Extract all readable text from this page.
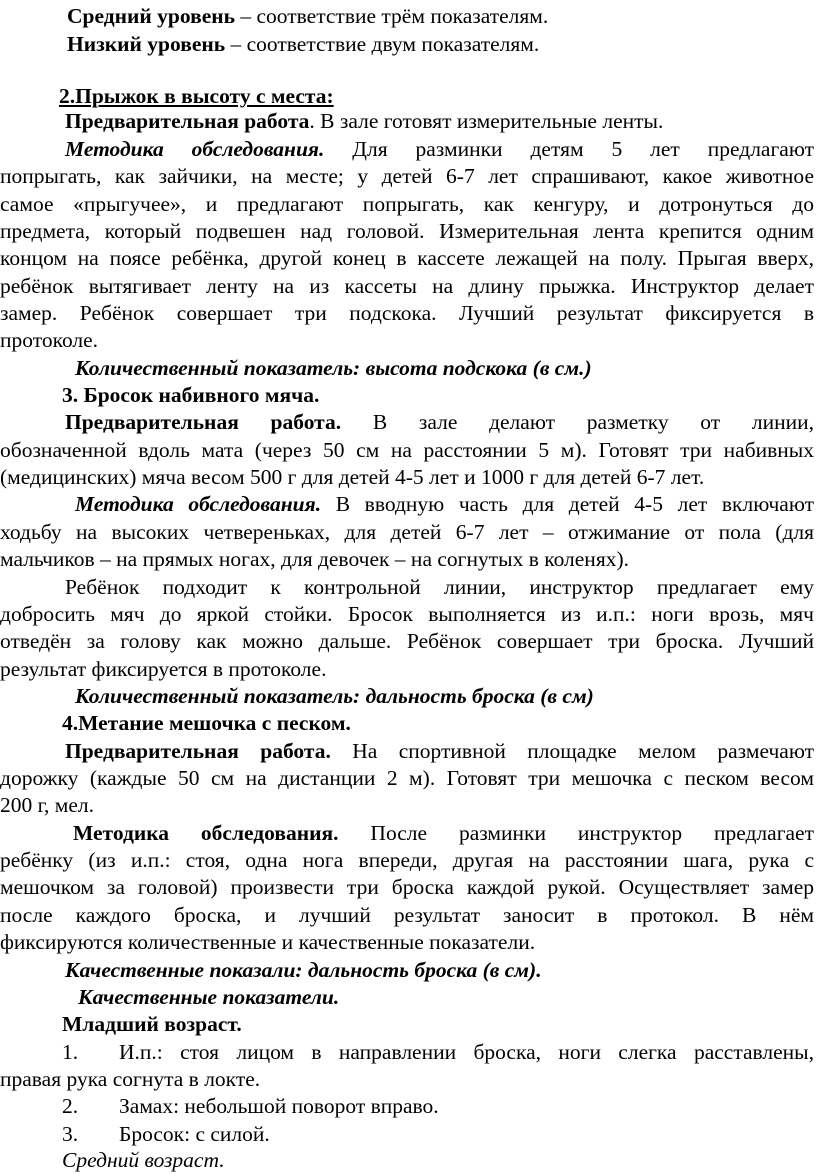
Средний уровень – соответствие трём показателям.
Низкий уровень – соответствие двум показателям.
2.Прыжок в высоту с места:
Предварительная работа. В зале готовят измерительные ленты.
Методика обследования. Для разминки детям 5 лет предлагают
попрыгать, как зайчики, на месте; у детей 6-7 лет спрашивают, какое животное
самое «прыгучее», и предлагают попрыгать, как кенгуру, и дотронуться до
предмета, который подвешен над головой. Измерительная лента крепится одним
концом на поясе ребёнка, другой конец в кассете лежащей на полу. Прыгая вверх,
ребёнок вытягивает ленту на из кассеты на длину прыжка. Инструктор делает
замер. Ребёнок совершает три подскока. Лучший результат фиксируется в
протоколе.
Количественный показатель: высота подскока (в см.)
3. Бросок набивного мяча.
Предварительная работа. В зале делают разметку от линии,
обозначенной вдоль мата (через 50 см на расстоянии 5 м). Готовят три набивных
(медицинских) мяча весом 500 г для детей 4-5 лет и 1000 г для детей 6-7 лет.
Методика обследования. В вводную часть для детей 4-5 лет включают
ходьбу на высоких четвереньках, для детей 6-7 лет – отжимание от пола (для
мальчиков – на прямых ногах, для девочек – на согнутых в коленях).
Ребёнок подходит к контрольной линии, инструктор предлагает ему
добросить мяч до яркой стойки. Бросок выполняется из и.п.: ноги врозь, мяч
отведён за голову как можно дальше. Ребёнок совершает три броска. Лучший
результат фиксируется в протоколе.
Количественный показатель: дальность броска (в см)
4.Метание мешочка с песком.
Предварительная работа. На спортивной площадке мелом размечают
дорожку (каждые 50 см на дистанции 2 м). Готовят три мешочка с песком весом
200 г, мел.
Методика обследования. После разминки инструктор предлагает
ребёнку (из и.п.: стоя, одна нога впереди, другая на расстоянии шага, рука с
мешочком за головой) произвести три броска каждой рукой. Осуществляет замер
после каждого броска, и лучший результат заносит в протокол. В нём
фиксируются количественные и качественные показатели.
Качественные показали: дальность броска (в см).
Качественные показатели.
Младший возраст.
1. И.п.: стоя лицом в направлении броска, ноги слегка расставлены,
правая рука согнута в локте.
2. Замах: небольшой поворот вправо.
3. Бросок: с силой.
Средний возраст.
